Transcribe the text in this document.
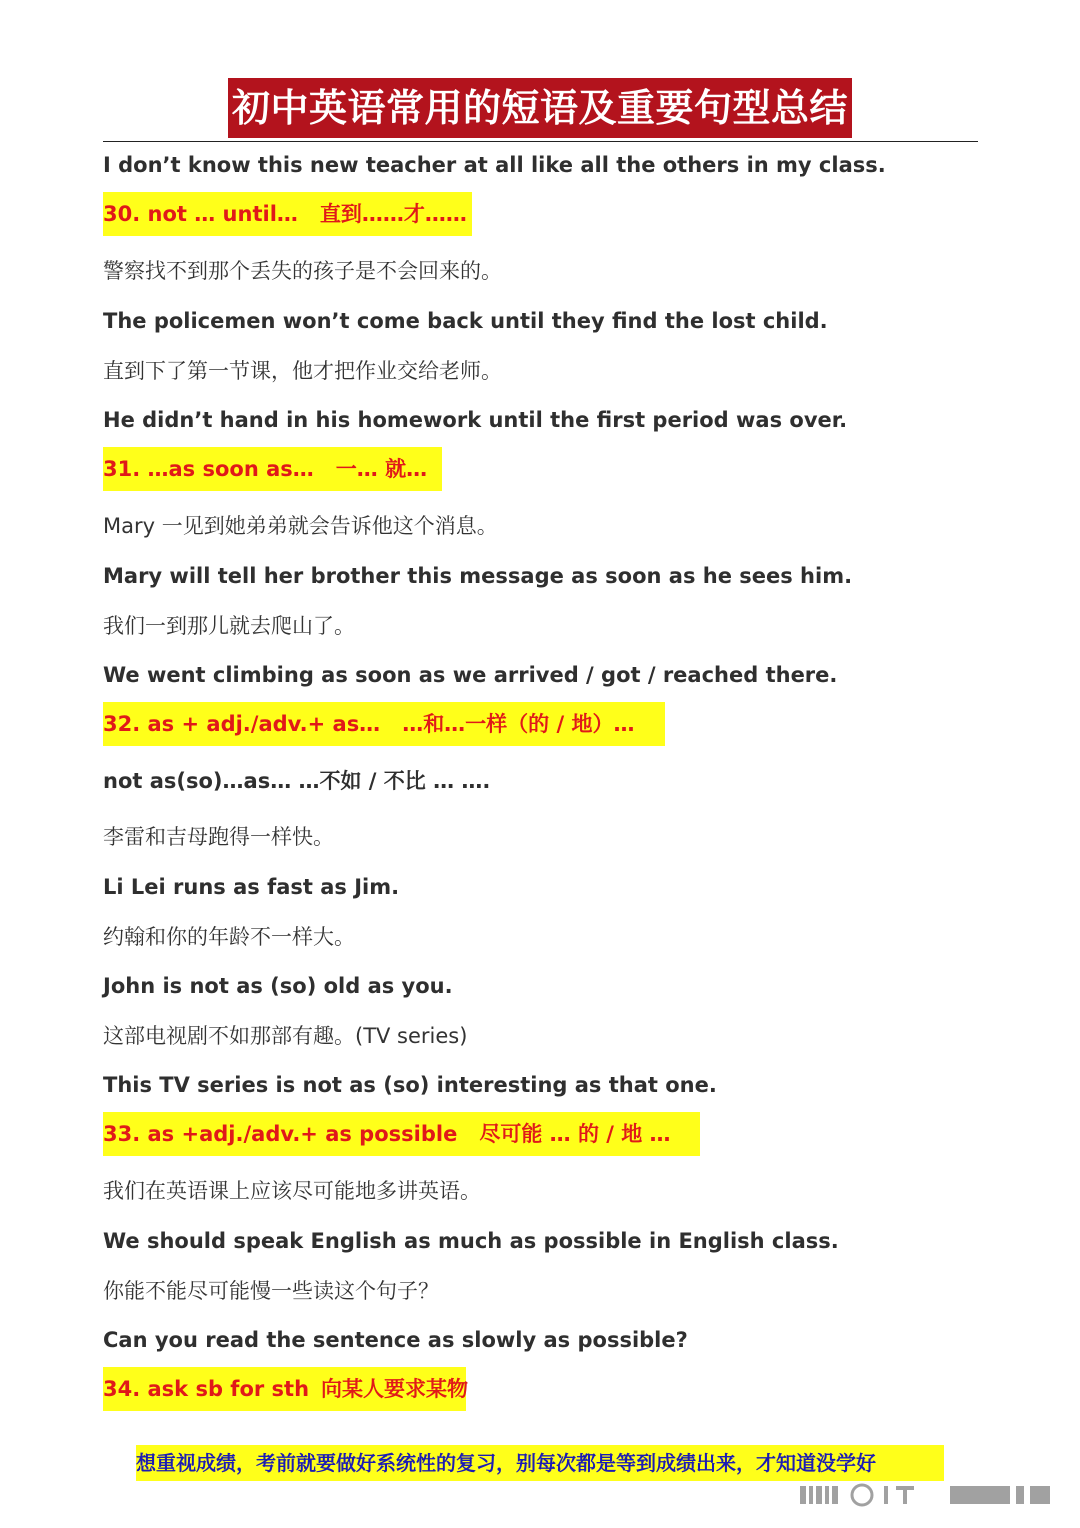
初中英语常用的短语及重要句型总结
I don’t know this new teacher at all like all the others in my class.
30. not … until… 直到……才……
警察找不到那个丢失的孩子是不会回来的。
The policemen won’t come back until they find the lost child.
直到下了第一节课，他才把作业交给老师。
He didn’t hand in his homework until the first period was over.
31. …as soon as… 一… 就…
Mary 一见到她弟弟就会告诉他这个消息。
Mary will tell her brother this message as soon as he sees him.
我们一到那儿就去爬山了。
We went climbing as soon as we arrived / got / reached there.
32. as + adj./adv.+ as… …和…一样（的 / 地）…
not as(so)…as… …不如 / 不比 … ….
李雷和吉母跑得一样快。
Li Lei runs as fast as Jim.
约翰和你的年龄不一样大。
John is not as (so) old as you.
这部电视剧不如那部有趣。(TV series)
This TV series is not as (so) interesting as that one.
33. as +adj./adv.+ as possible 尽可能 … 的 / 地 …
我们在英语课上应该尽可能地多讲英语。
We should speak English as much as possible in English class.
你能不能尽可能慢一些读这个句子？
Can you read the sentence as slowly as possible?
34. ask sb for sth 向某人要求某物
想重视成绩，考前就要做好系统性的复习，别每次都是等到成绩出来，才知道没学好
